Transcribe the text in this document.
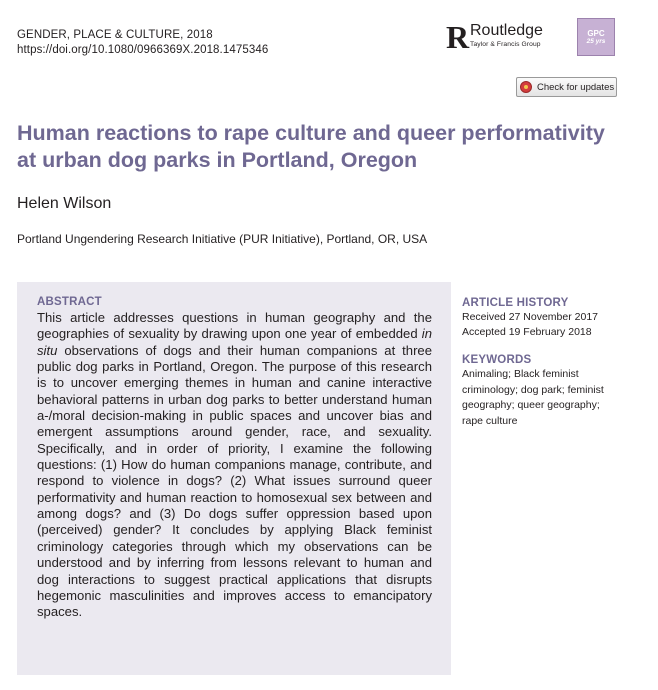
GENDER, PLACE & CULTURE, 2018
https://doi.org/10.1080/0966369X.2018.1475346	R Routledge
Taylor & Francis Group
GPC
25 yrs
Check for updates
Human reactions to rape culture and queer performativity at urban dog parks in Portland, Oregon
Helen Wilson
Portland Ungendering Research Initiative (PUR Initiative), Portland, OR, USA
ABSTRACT

This article addresses questions in human geography and the geographies of sexuality by drawing upon one year of embedded in situ observations of dogs and their human companions at three public dog parks in Portland, Oregon. The purpose of this research is to uncover emerging themes in human and canine interactive behavioral patterns in urban dog parks to better understand human a-/moral decision-making in public spaces and uncover bias and emergent assumptions around gender, race, and sexuality. Specifically, and in order of priority, I examine the following questions: (1) How do human companions manage, contribute, and respond to violence in dogs? (2) What issues surround queer performativity and human reaction to homosexual sex between and among dogs? and (3) Do dogs suffer oppression based upon (perceived) gender? It concludes by applying Black feminist criminology categories through which my observations can be understood and by inferring from lessons relevant to human and dog interactions to suggest practical applications that disrupts hegemonic masculinities and improves access to emancipatory spaces.

ARTICLE HISTORY
Received 27 November 2017
Accepted 19 February 2018
KEYWORDS
Animaling; Black feminist criminology; dog park; feminist geography; queer geography; rape culture
